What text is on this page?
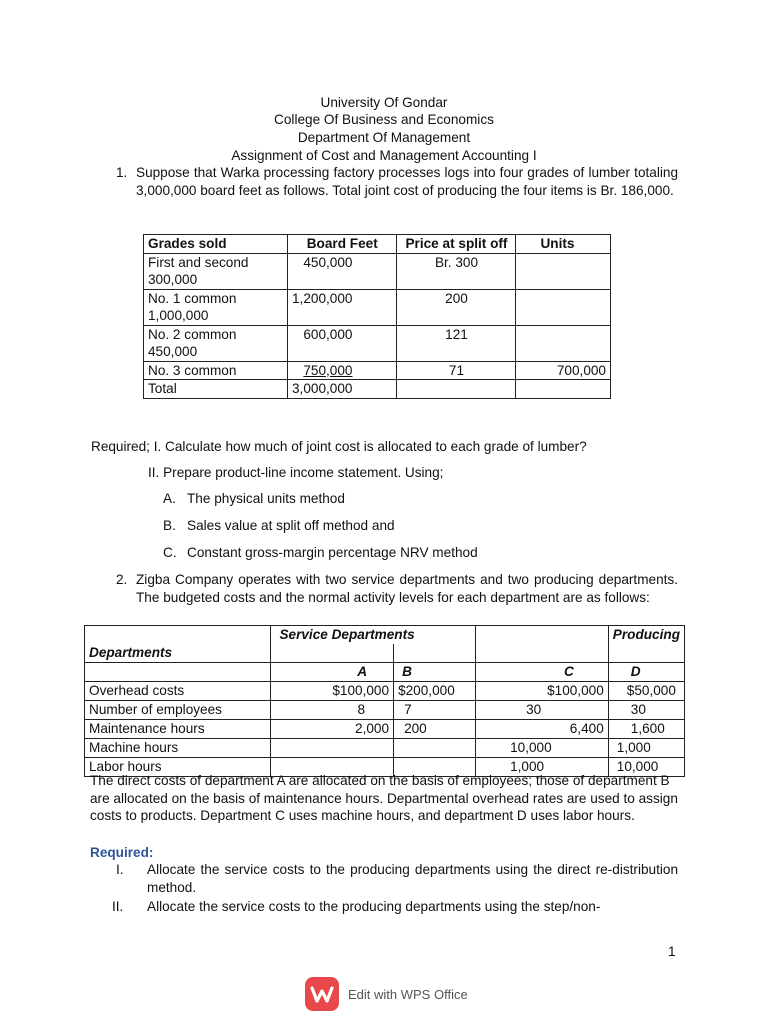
University Of Gondar
College Of Business and Economics
Department Of Management
Assignment of Cost and Management Accounting I
1. Suppose that Warka processing factory processes logs into four grades of lumber totaling 3,000,000 board feet as follows. Total joint cost of producing the four items is Br. 186,000.
Grades sold	Board Feet	Price at split off	Units
First and second 300,000	450,000	Br. 300	
No. 1 common 1,000,000	1,200,000	200	
No. 2 common 450,000	600,000	121	
No. 3 common	750,000	71	700,000
Total	3,000,000		
Required; I. Calculate how much of joint cost is allocated to each grade of lumber?
II. Prepare product-line income statement. Using;
A. The physical units method
B. Sales value at split off method and
C. Constant gross-margin percentage NRV method
2. Zigba Company operates with two service departments and two producing departments. The budgeted costs and the normal activity levels for each department are as follows:
	Service Departments			Producing
Departments				
	A	B	C	D
Overhead costs	$100,000	$200,000	$100,000	$50,000
Number of employees	8	7	30	30
Maintenance hours	2,000	200	6,400	1,600
Machine hours			10,000	1,000
Labor hours			1,000	10,000
The direct costs of department A are allocated on the basis of employees; those of department B are allocated on the basis of maintenance hours. Departmental overhead rates are used to assign costs to products. Department C uses machine hours, and department D uses labor hours.
Required:
I. Allocate the service costs to the producing departments using the direct re-distribution method.
II. Allocate the service costs to the producing departments using the step/non-
1
Edit with WPS Office
